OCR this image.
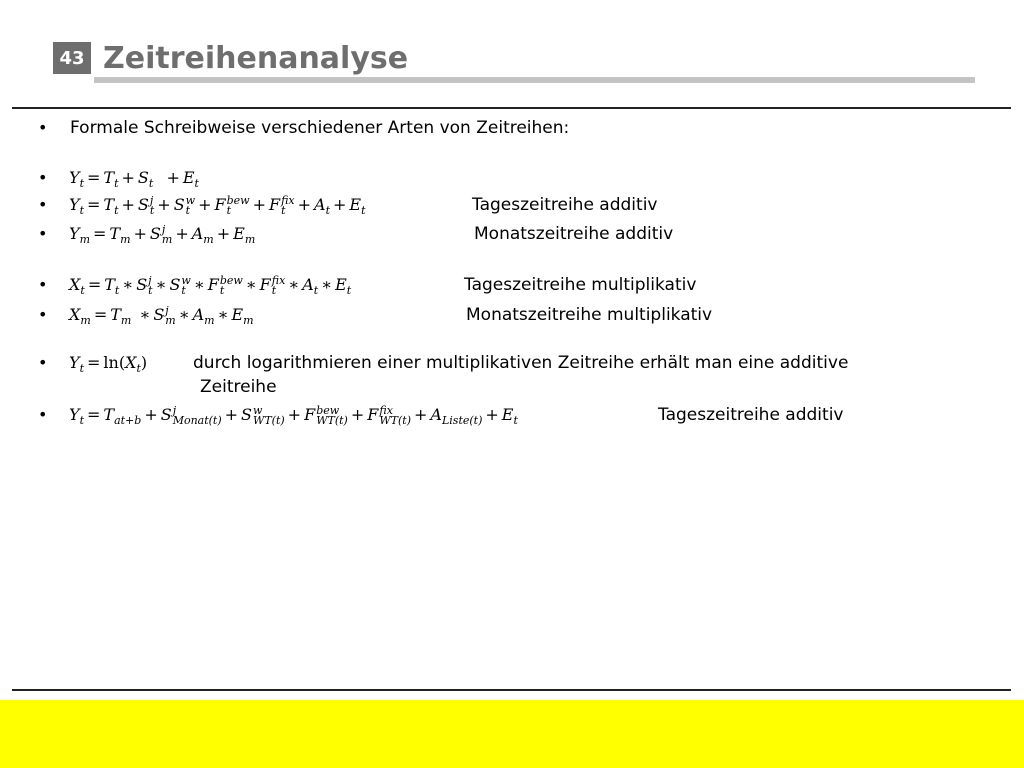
43 Zeitreihenanalyse
• Formale Schreibweise verschiedener Arten von Zeitreihen:
• $Y_t = T_t + S_t + E_t$
• $Y_t = T_t + Sj$
t + Sw
t + Fbew
t + Ffix
$t + A_t + E_t$	Tageszeitreihe additiv
• $Y_m = T_m + Sj$
$m + A_m + E_m$	Monatszeitreihe additiv
• $X_t = T_t$ ∗ Sj
t ∗ Sw
t ∗ Fbew
t ∗ Ffix
t ∗ $A_t$ ∗ $E_t$	Tageszeitreihe multiplikativ
• $X_m = T_m$ ∗ Sj
m ∗ $A_m$ ∗ $E_m$	Monatszeitreihe multiplikativ
• $Y_t = \ln(X_t)$	durch logarithmieren einer multiplikativen Zeitreihe erhält man eine additive
Zeitreihe
• $Y_t = T_{at+b} + Sj$
Monat(t) + Sw
WT(t) + Fbew
WT(t) + Ffix
$WT(t) + A_{Liste(t)} + E_t$	Tageszeitreihe additiv
